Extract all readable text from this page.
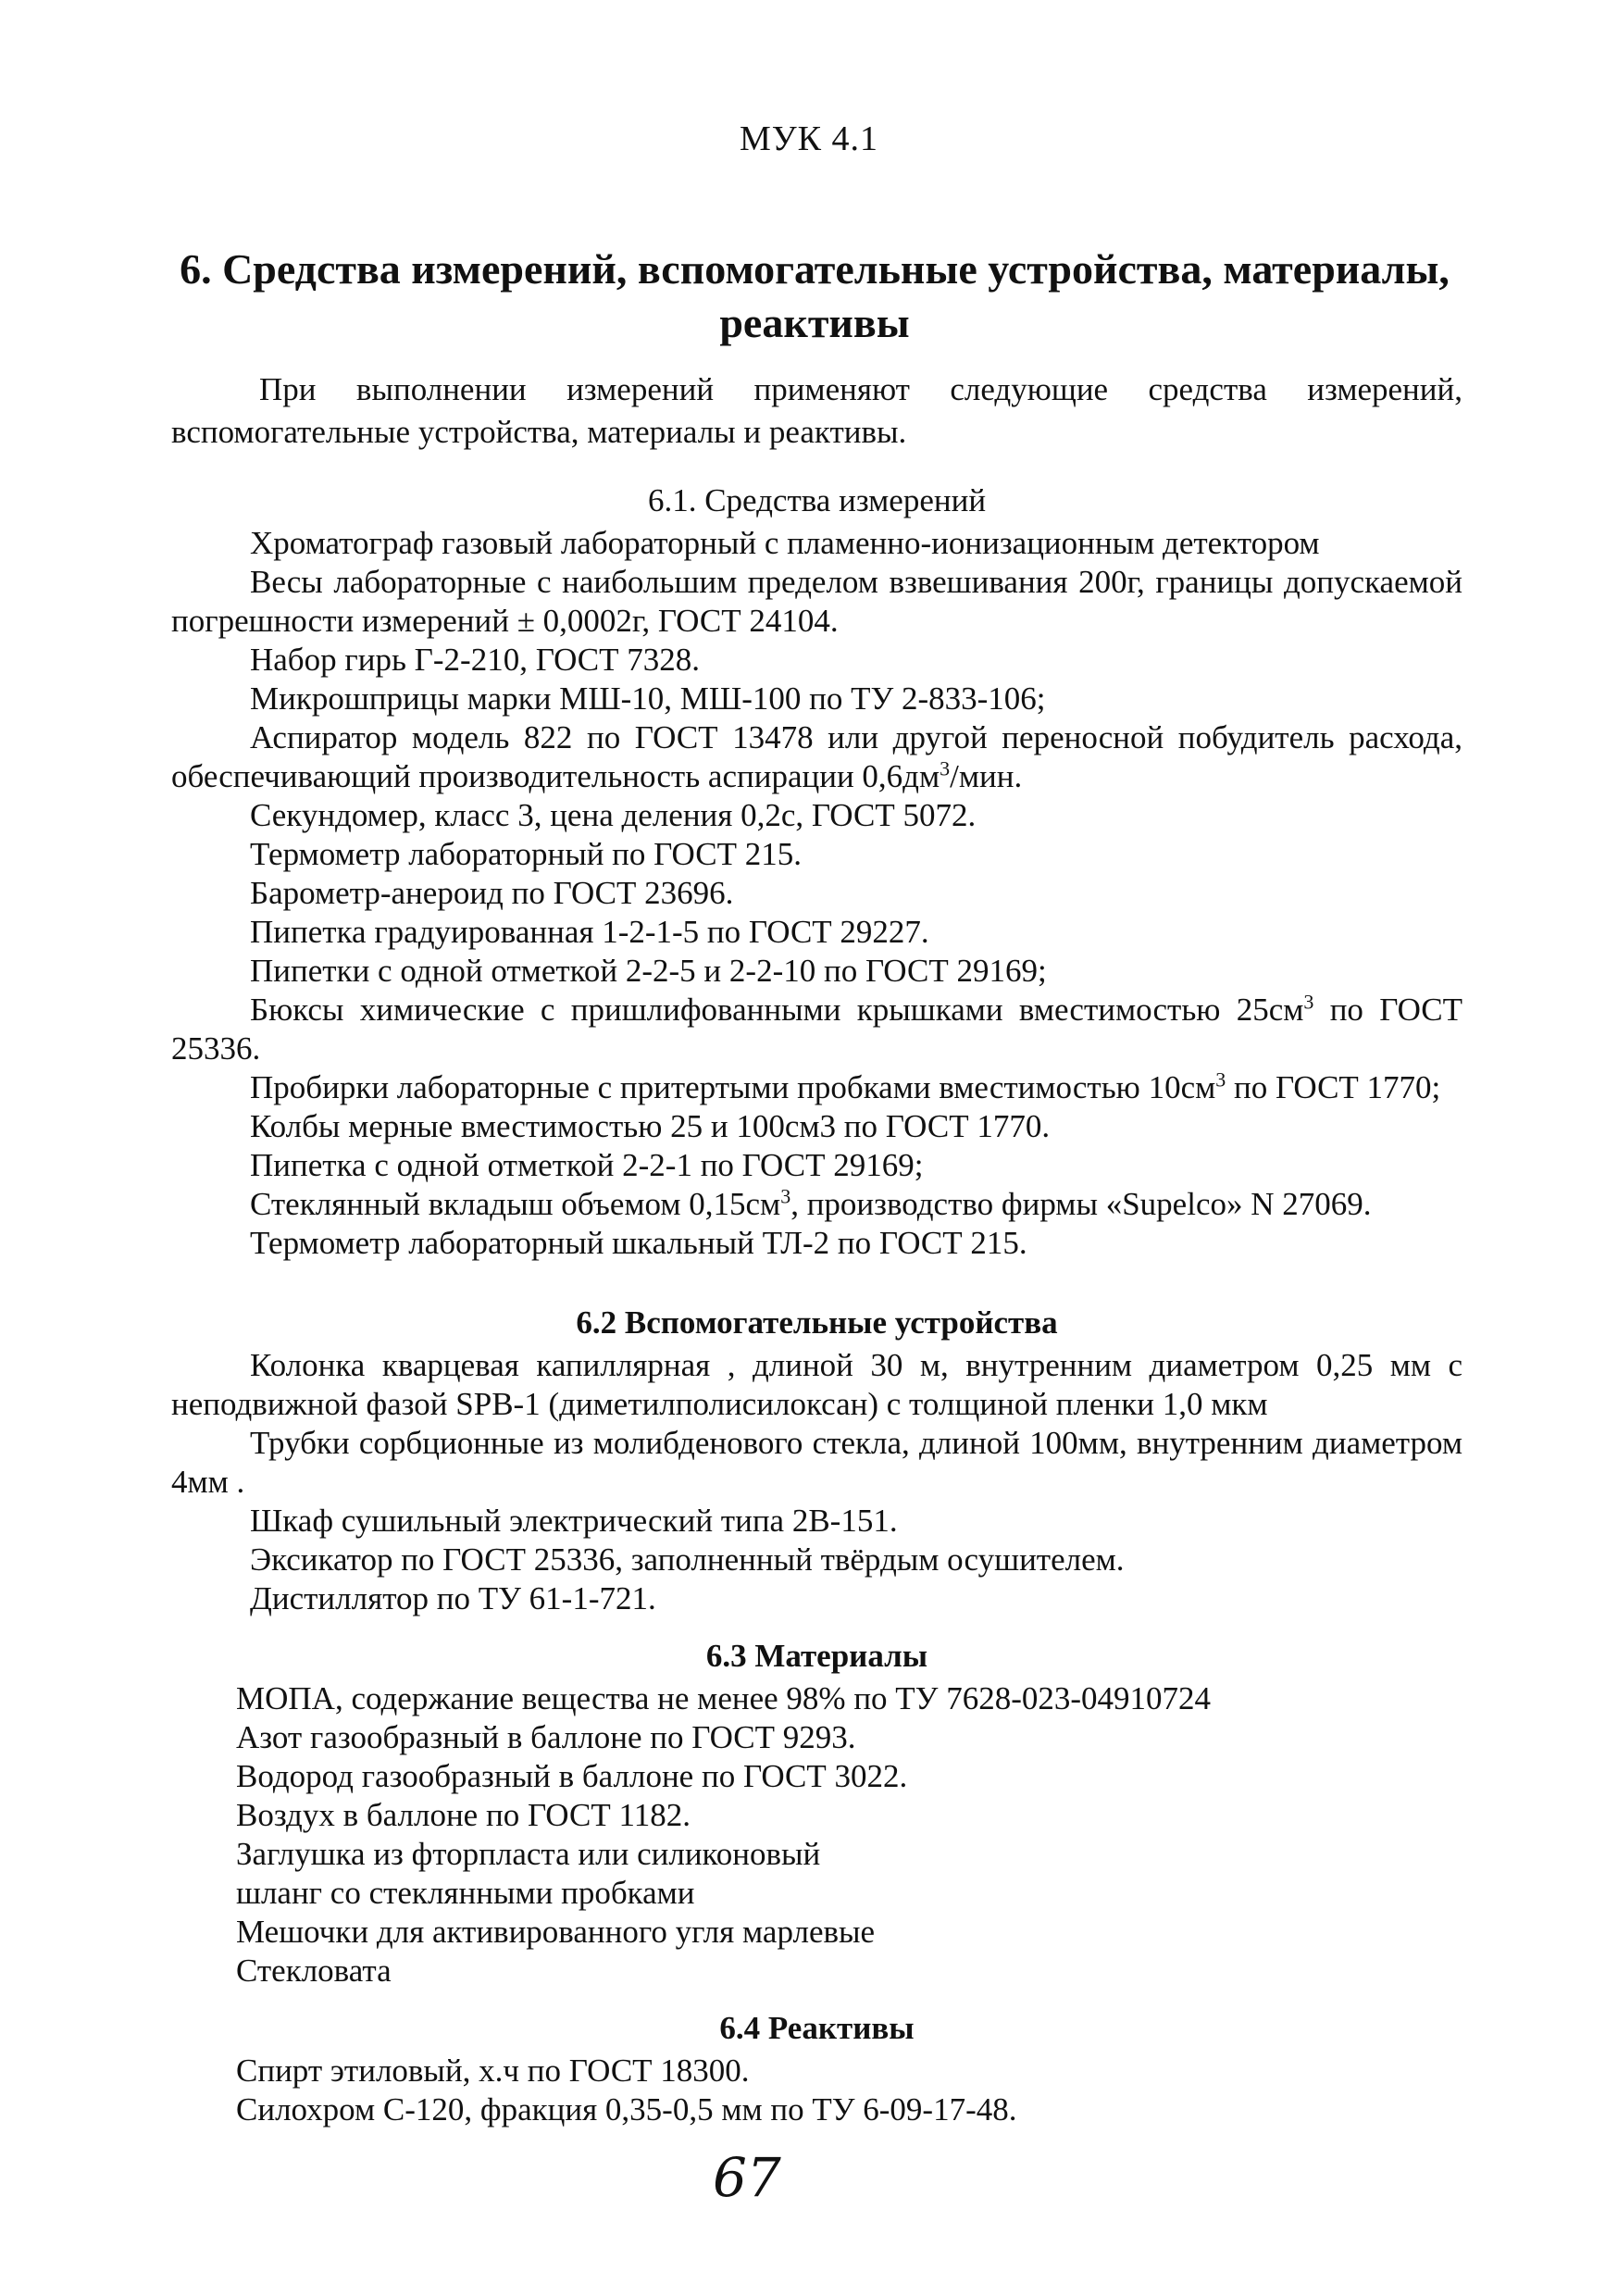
МУК 4.1
6. Средства измерений, вспомогательные устройства, материалы,
реактивы

При выполнении измерений применяют следующие средства измерений, вспомогательные устройства, материалы и реактивы.

6.1. Средства измерений

Хроматограф газовый лабораторный с пламенно-ионизационным детектором

Весы лабораторные с наибольшим пределом взвешивания 200г, границы допускаемой погрешности измерений ± 0,0002г, ГОСТ 24104.

Набор гирь Г-2-210, ГОСТ 7328.

Микрошприцы марки МШ-10, МШ-100 по ТУ 2-833-106;

Аспиратор модель 822 по ГОСТ 13478 или другой переносной побудитель расхода, обеспечивающий производительность аспирации $0,6дм^3$/мин.

Секундомер, класс 3, цена деления 0,2с, ГОСТ 5072.

Термометр лабораторный по ГОСТ 215.

Барометр-анероид по ГОСТ 23696.

Пипетка градуированная 1-2-1-5 по ГОСТ 29227.

Пипетки с одной отметкой 2-2-5 и 2-2-10 по ГОСТ 29169;

Бюксы химические с пришлифованными крышками вместимостью $25см^3$ по ГОСТ 25336.

Пробирки лабораторные с притертыми пробками вместимостью $10см^3$ по ГОСТ 1770;

Колбы мерные вместимостью 25 и 100см3 по ГОСТ 1770.

Пипетка с одной отметкой 2-2-1 по ГОСТ 29169;

Стеклянный вкладыш объемом $0,15см^3$, производство фирмы «Supelco» N 27069.

Термометр лабораторный шкальный ТЛ-2 по ГОСТ 215.

6.2 Вспомогательные устройства

Колонка кварцевая капиллярная , длиной 30 м, внутренним диаметром 0,25 мм с неподвижной фазой SPB-1 (диметилполисилоксан) с толщиной пленки 1,0 мкм

Трубки сорбционные из молибденового стекла, длиной 100мм, внутренним диаметром 4мм .

Шкаф сушильный электрический типа 2В-151.

Эксикатор по ГОСТ 25336, заполненный твёрдым осушителем.

Дистиллятор по ТУ 61-1-721.

6.3 Материалы

МОПА, содержание вещества не менее 98% по ТУ 7628-023-04910724

Азот газообразный в баллоне по ГОСТ 9293.

Водород газообразный в баллоне по ГОСТ 3022.

Воздух в баллоне по ГОСТ 1182.

Заглушка из фторпласта или силиконовый

шланг со стеклянными пробками

Мешочки для активированного угля марлевые

Стекловата

6.4 Реактивы

Спирт этиловый, х.ч по ГОСТ 18300.

Силохром С-120, фракция 0,35-0,5 мм по ТУ 6-09-17-48.

67
